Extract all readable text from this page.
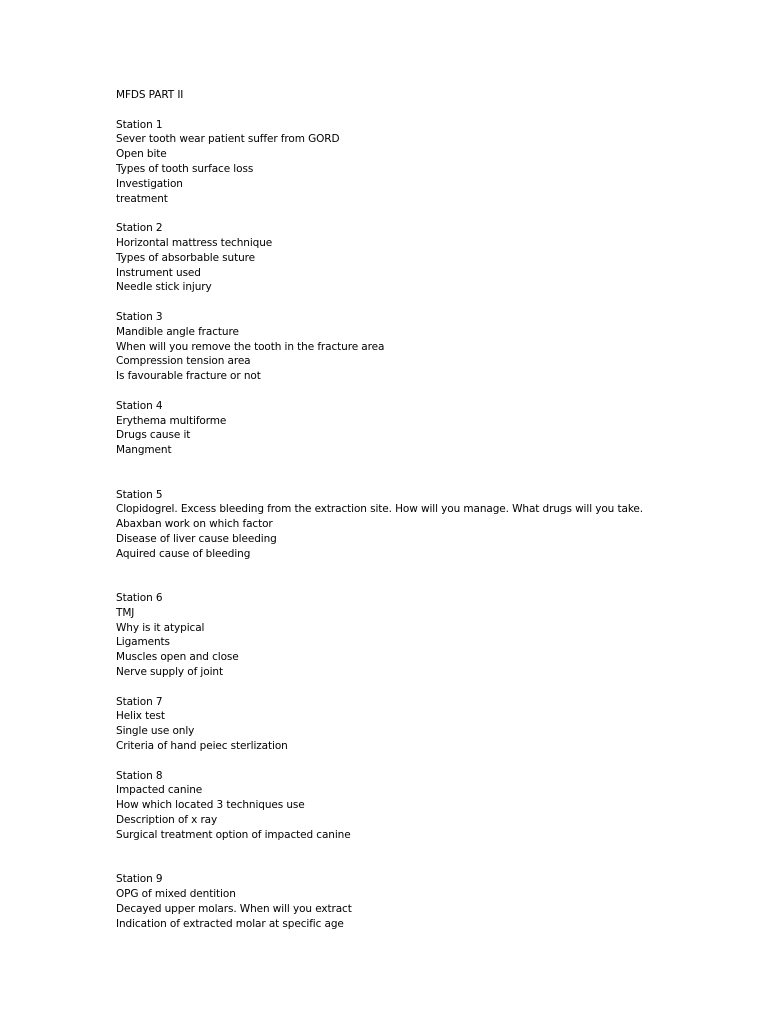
MFDS PART II
Station 1
Sever tooth wear patient suffer from GORD
Open bite
Types of tooth surface loss
Investigation
treatment
Station 2
Horizontal mattress technique
Types of absorbable suture
Instrument used
Needle stick injury
Station 3
Mandible angle fracture
When will you remove the tooth in the fracture area
Compression tension area
Is favourable fracture or not
Station 4
Erythema multiforme
Drugs cause it
Mangment
Station 5
Clopidogrel. Excess bleeding from the extraction site. How will you manage. What drugs will you take.
Abaxban work on which factor
Disease of liver cause bleeding
Aquired cause of bleeding
Station 6
TMJ
Why is it atypical
Ligaments
Muscles open and close
Nerve supply of joint
Station 7
Helix test
Single use only
Criteria of hand peiec sterlization
Station 8
Impacted canine
How which located 3 techniques use
Description of x ray
Surgical treatment option of impacted canine
Station 9
OPG of mixed dentition
Decayed upper molars. When will you extract
Indication of extracted molar at specific age
